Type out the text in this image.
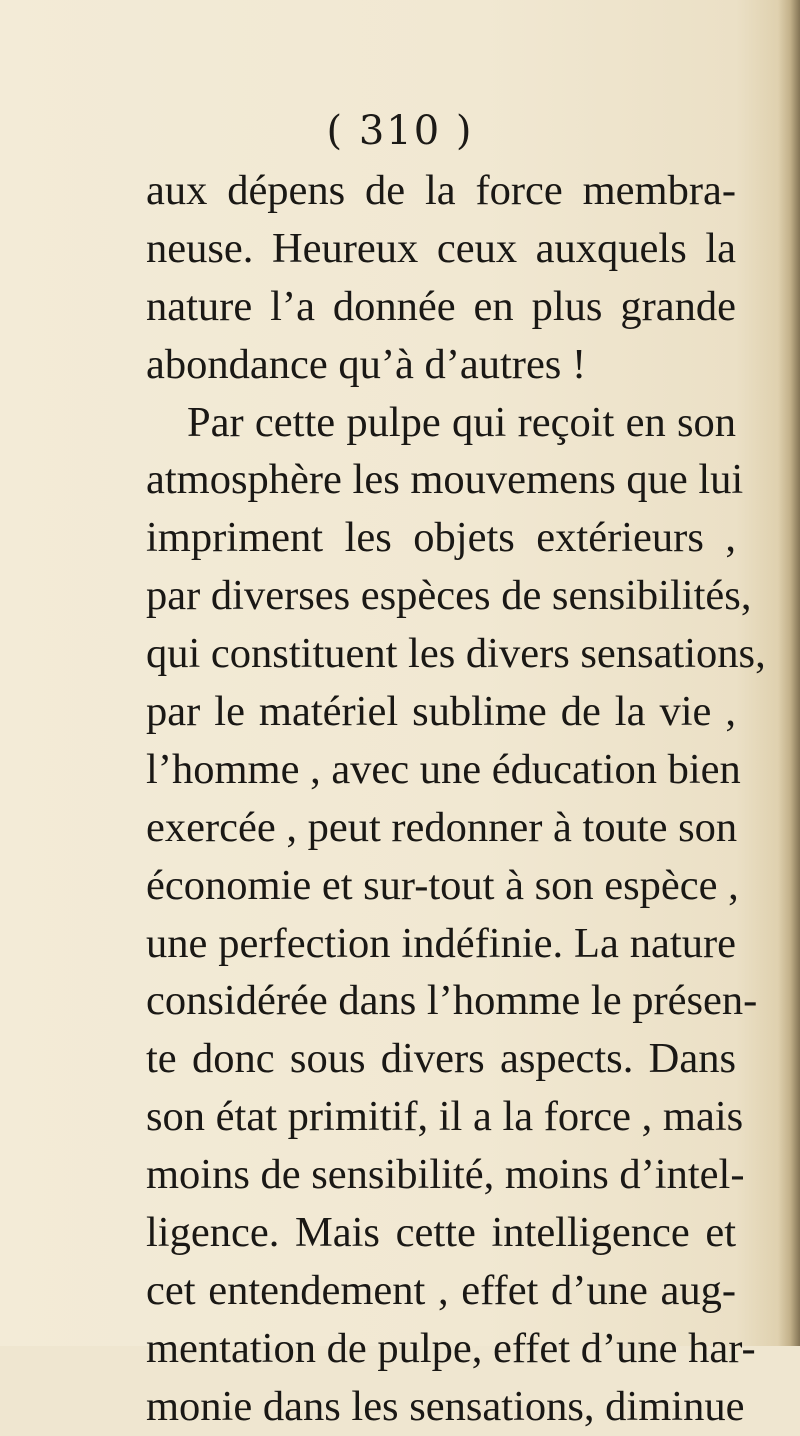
( 310 )
aux dépens de la force membra-
neuse. Heureux ceux auxquels la
nature l’a donnée en plus grande
abondance qu’à d’autres !
Par cette pulpe qui reçoit en son
atmosphère les mouvemens que lui
impriment les objets extérieurs ,
par diverses espèces de sensibilités,
qui constituent les divers sensations,
par le matériel sublime de la vie ,
l’homme , avec une éducation bien
exercée , peut redonner à toute son
économie et sur-tout à son espèce ,
une perfection indéfinie. La nature
considérée dans l’homme le présen-
te donc sous divers aspects. Dans
son état primitif, il a la force , mais
moins de sensibilité, moins d’intel-
ligence. Mais cette intelligence et
cet entendement , effet d’une aug-
mentation de pulpe, effet d’une har-
monie dans les sensations, diminue
